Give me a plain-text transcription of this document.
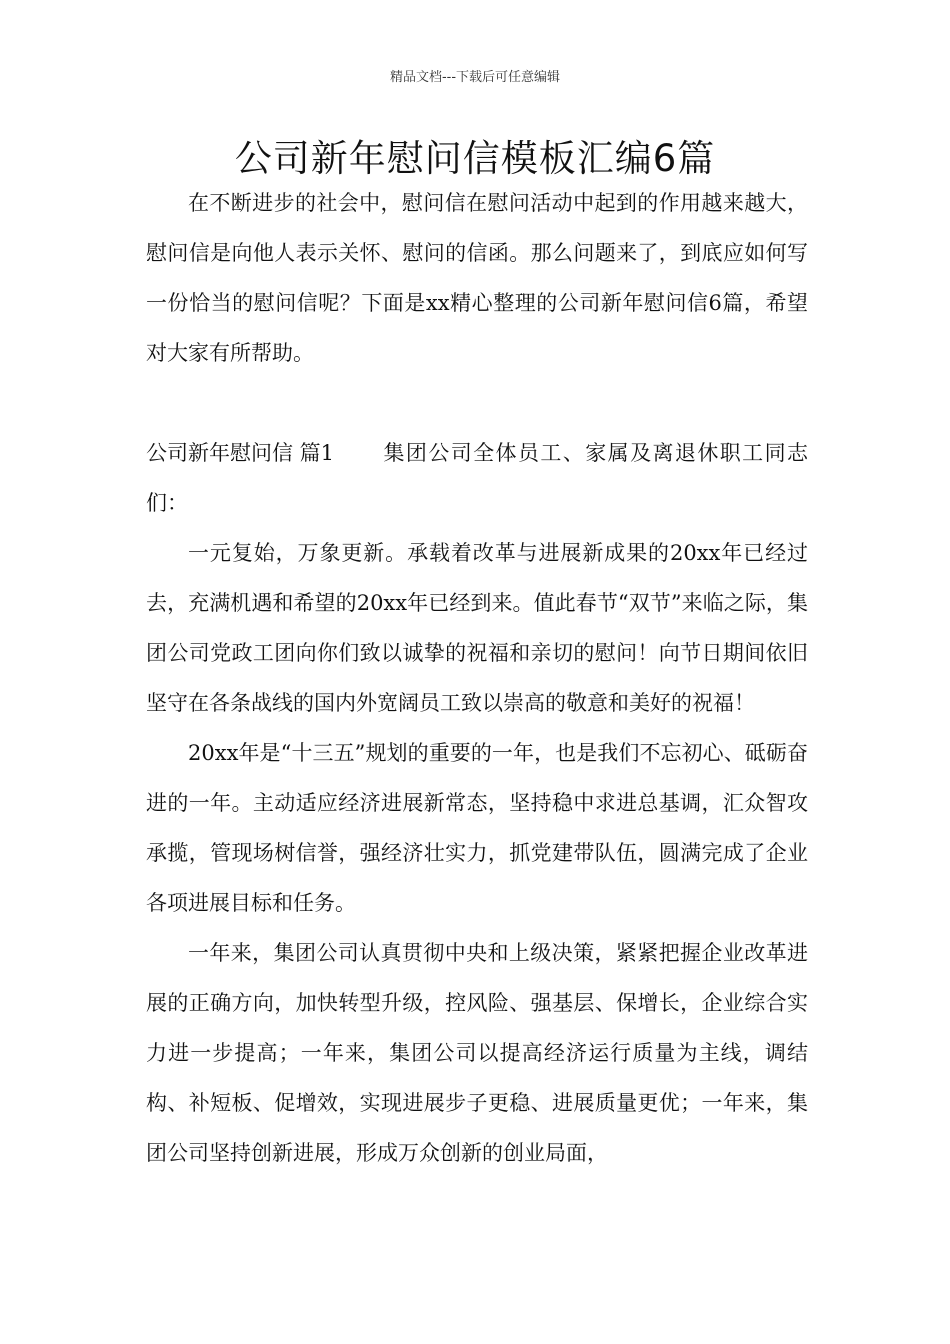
精品文档---下载后可任意编辑
公司新年慰问信模板汇编6篇

在不断进步的社会中，慰问信在慰问活动中起到的作用越来越大，慰问信是向他人表示关怀、慰问的信函。那么问题来了，到底应如何写一份恰当的慰问信呢？下面是xx精心整理的公司新年慰问信6篇，希望对大家有所帮助。

公司新年慰问信 篇1 集团公司全体员工、家属及离退休职工同志们：

一元复始，万象更新。承载着改革与进展新成果的20xx年已经过去，充满机遇和希望的20xx年已经到来。值此春节“双节”来临之际，集团公司党政工团向你们致以诚挚的祝福和亲切的慰问！向节日期间依旧坚守在各条战线的国内外宽阔员工致以崇高的敬意和美好的祝福！

20xx年是“十三五”规划的重要的一年，也是我们不忘初心、砥砺奋进的一年。主动适应经济进展新常态，坚持稳中求进总基调，汇众智攻承揽，管现场树信誉，强经济壮实力，抓党建带队伍，圆满完成了企业各项进展目标和任务。

一年来，集团公司认真贯彻中央和上级决策，紧紧把握企业改革进展的正确方向，加快转型升级，控风险、强基层、保增长，企业综合实力进一步提高；一年来，集团公司以提高经济运行质量为主线，调结构、补短板、促增效，实现进展步子更稳、进展质量更优；一年来，集团公司坚持创新进展，形成万众创新的创业局面，
